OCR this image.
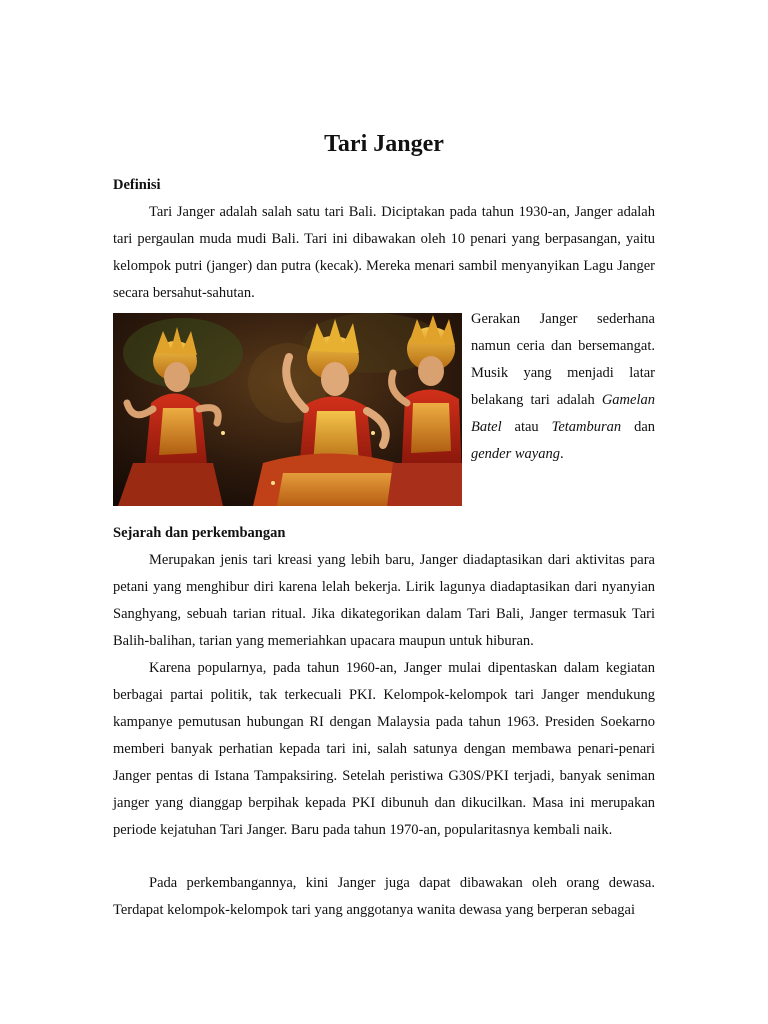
Tari Janger
Definisi

Tari Janger adalah salah satu tari Bali. Diciptakan pada tahun 1930-an, Janger adalah tari pergaulan muda mudi Bali. Tari ini dibawakan oleh 10 penari yang berpasangan, yaitu kelompok putri (janger) dan putra (kecak). Mereka menari sambil menyanyikan Lagu Janger secara bersahut-sahutan.

Gerakan Janger sederhana namun ceria dan bersemangat. Musik yang menjadi latar belakang tari adalah Gamelan Batel atau Tetamburan dan gender wayang.

Sejarah dan perkembangan

Merupakan jenis tari kreasi yang lebih baru, Janger diadaptasikan dari aktivitas para petani yang menghibur diri karena lelah bekerja. Lirik lagunya diadaptasikan dari nyanyian Sanghyang, sebuah tarian ritual. Jika dikategorikan dalam Tari Bali, Janger termasuk Tari Balih-balihan, tarian yang memeriahkan upacara maupun untuk hiburan.

Karena popularnya, pada tahun 1960-an, Janger mulai dipentaskan dalam kegiatan berbagai partai politik, tak terkecuali PKI. Kelompok-kelompok tari Janger mendukung kampanye pemutusan hubungan RI dengan Malaysia pada tahun 1963. Presiden Soekarno memberi banyak perhatian kepada tari ini, salah satunya dengan membawa penari-penari Janger pentas di Istana Tampaksiring. Setelah peristiwa G30S/PKI terjadi, banyak seniman janger yang dianggap berpihak kepada PKI dibunuh dan dikucilkan. Masa ini merupakan periode kejatuhan Tari Janger. Baru pada tahun 1970-an, popularitasnya kembali naik.

Pada perkembangannya, kini Janger juga dapat dibawakan oleh orang dewasa. Terdapat kelompok-kelompok tari yang anggotanya wanita dewasa yang berperan sebagai
